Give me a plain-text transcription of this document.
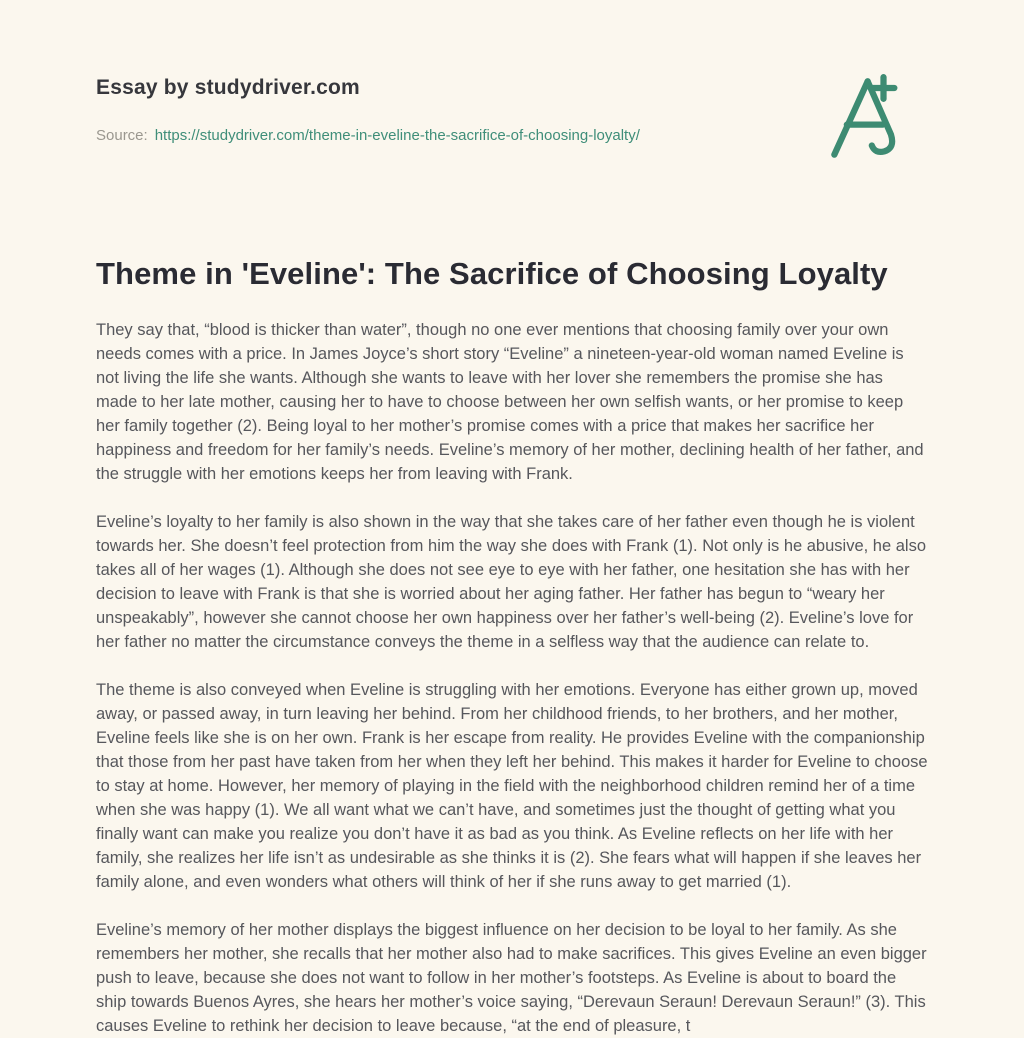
Essay by studydriver.com
Source: https://studydriver.com/theme-in-eveline-the-sacrifice-of-choosing-loyalty/
Theme in 'Eveline': The Sacrifice of Choosing Loyalty

They say that, “blood is thicker than water”, though no one ever mentions that choosing family over your own needs comes with a price. In James Joyce’s short story “Eveline” a nineteen-year-old woman named Eveline is not living the life she wants. Although she wants to leave with her lover she remembers the promise she has made to her late mother, causing her to have to choose between her own selfish wants, or her promise to keep her family together (2). Being loyal to her mother’s promise comes with a price that makes her sacrifice her happiness and freedom for her family’s needs. Eveline’s memory of her mother, declining health of her father, and the struggle with her emotions keeps her from leaving with Frank.

Eveline’s loyalty to her family is also shown in the way that she takes care of her father even though he is violent towards her. She doesn’t feel protection from him the way she does with Frank (1). Not only is he abusive, he also takes all of her wages (1). Although she does not see eye to eye with her father, one hesitation she has with her decision to leave with Frank is that she is worried about her aging father. Her father has begun to “weary her unspeakably”, however she cannot choose her own happiness over her father’s well-being (2). Eveline’s love for her father no matter the circumstance conveys the theme in a selfless way that the audience can relate to.

The theme is also conveyed when Eveline is struggling with her emotions. Everyone has either grown up, moved away, or passed away, in turn leaving her behind. From her childhood friends, to her brothers, and her mother, Eveline feels like she is on her own. Frank is her escape from reality. He provides Eveline with the companionship that those from her past have taken from her when they left her behind. This makes it harder for Eveline to choose to stay at home. However, her memory of playing in the field with the neighborhood children remind her of a time when she was happy (1). We all want what we can’t have, and sometimes just the thought of getting what you finally want can make you realize you don’t have it as bad as you think. As Eveline reflects on her life with her family, she realizes her life isn’t as undesirable as she thinks it is (2). She fears what will happen if she leaves her family alone, and even wonders what others will think of her if she runs away to get married (1).

Eveline’s memory of her mother displays the biggest influence on her decision to be loyal to her family. As she remembers her mother, she recalls that her mother also had to make sacrifices. This gives Eveline an even bigger push to leave, because she does not want to follow in her mother’s footsteps. As Eveline is about to board the ship towards Buenos Ayres, she hears her mother’s voice saying, “Derevaun Seraun! Derevaun Seraun!” (3). This causes Eveline to rethink her decision to leave because, “at the end of pleasure, t
